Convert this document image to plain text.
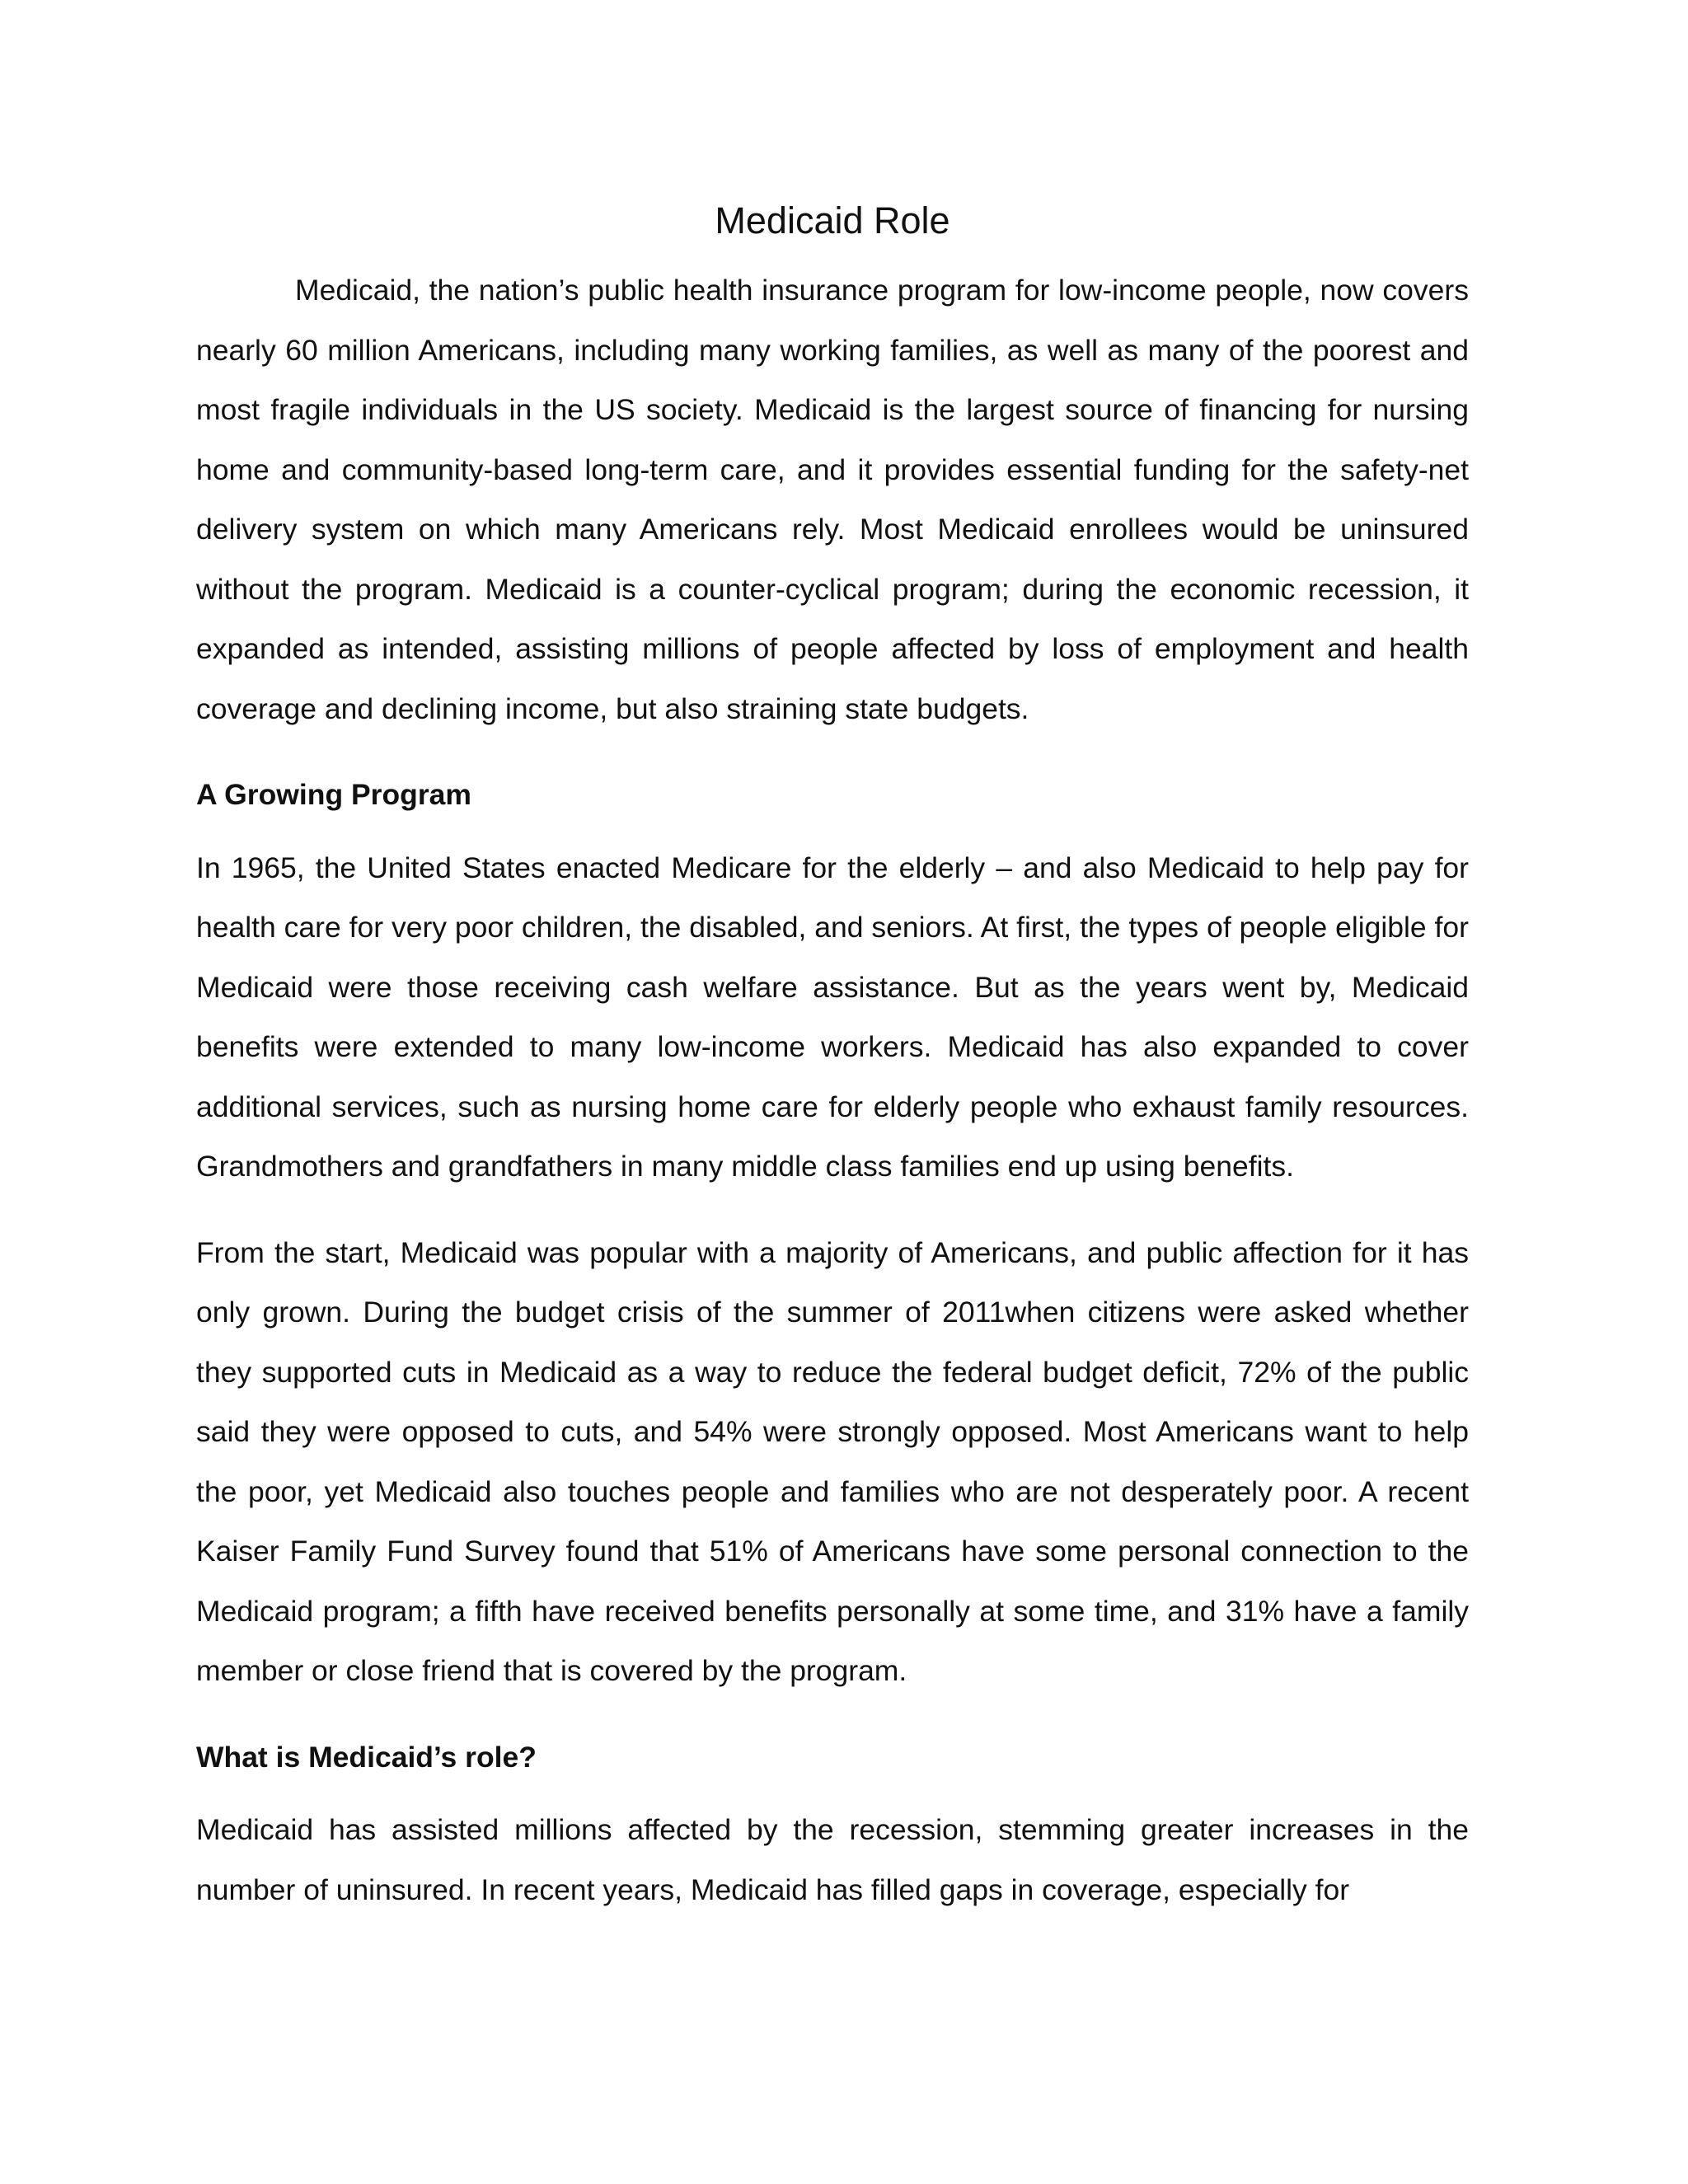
Medicaid Role

Medicaid, the nation’s public health insurance program for low-income people, now covers nearly 60 million Americans, including many working families, as well as many of the poorest and most fragile individuals in the US society. Medicaid is the largest source of financing for nursing home and community-based long-term care, and it provides essential funding for the safety-net delivery system on which many Americans rely. Most Medicaid enrollees would be uninsured without the program. Medicaid is a counter-cyclical program; during the economic recession, it expanded as intended, assisting millions of people affected by loss of employment and health coverage and declining income, but also straining state budgets.

A Growing Program

In 1965, the United States enacted Medicare for the elderly – and also Medicaid to help pay for health care for very poor children, the disabled, and seniors. At first, the types of people eligible for Medicaid were those receiving cash welfare assistance. But as the years went by, Medicaid benefits were extended to many low-income workers. Medicaid has also expanded to cover additional services, such as nursing home care for elderly people who exhaust family resources. Grandmothers and grandfathers in many middle class families end up using benefits.

From the start, Medicaid was popular with a majority of Americans, and public affection for it has only grown. During the budget crisis of the summer of 2011when citizens were asked whether they supported cuts in Medicaid as a way to reduce the federal budget deficit, 72% of the public said they were opposed to cuts, and 54% were strongly opposed. Most Americans want to help the poor, yet Medicaid also touches people and families who are not desperately poor. A recent Kaiser Family Fund Survey found that 51% of Americans have some personal connection to the Medicaid program; a fifth have received benefits personally at some time, and 31% have a family member or close friend that is covered by the program.

What is Medicaid’s role?

Medicaid has assisted millions affected by the recession, stemming greater increases in the number of uninsured. In recent years, Medicaid has filled gaps in coverage, especially for
